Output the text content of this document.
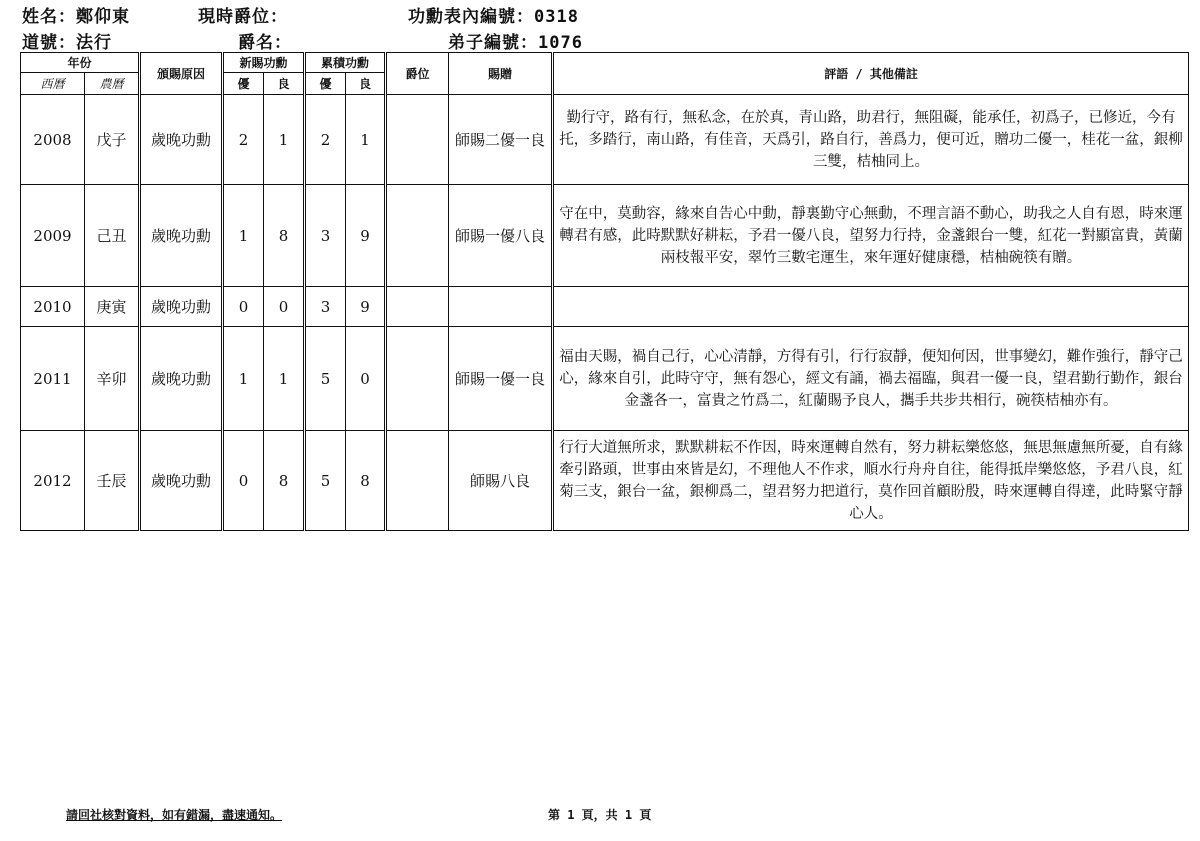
姓名：鄭仰東	現時爵位：	功勳表內編號：0318
道號：法行	爵名：	弟子編號：1076
年份		頒賜原因	新賜功勳		累積功勳		爵位	賜贈	評語 / 其他備註
西曆	農曆		優	良	優	良			
2008	戊子	歲晚功勳	2	1	2	1		師賜二優一良	勤行守，路有行，無私念，在於真，青山路，助君行，無阻礙，能承任，初爲子，已修近，今有托，多踏行，南山路，有佳音，天爲引，路自行，善爲力，便可近，贈功二優一，桂花一盆，銀柳三雙，桔柚同上。
2009	己丑	歲晚功勳	1	8	3	9		師賜一優八良	守在中，莫動容，緣來自告心中動，靜裏勤守心無動，不理言語不動心，助我之人自有恩，時來運轉君有感，此時默默好耕耘，予君一優八良，望努力行持，金盞銀台一雙，紅花一對顯富貴，黃蘭兩枝報平安，翠竹三數宅運生，來年運好健康穩，桔柚碗筷有贈。
2010	庚寅	歲晚功勳	0	0	3	9			
2011	辛卯	歲晚功勳	1	1	5	0		師賜一優一良	福由天賜，禍自己行，心心清靜，方得有引，行行寂靜，便知何因，世事變幻，難作強行，靜守己心，緣來自引，此時守守，無有怨心，經文有誦，禍去福臨，與君一優一良，望君勤行勤作，銀台金盞各一，富貴之竹爲二，紅蘭賜予良人，攜手共步共相行，碗筷桔柚亦有。
2012	壬辰	歲晚功勳	0	8	5	8		師賜八良	行行大道無所求，默默耕耘不作因，時來運轉自然有，努力耕耘樂悠悠，無思無慮無所憂，自有緣牽引路頭，世事由來皆是幻，不理他人不作求，順水行舟舟自往，能得抵岸樂悠悠，予君八良，紅菊三支，銀台一盆，銀柳爲二，望君努力把道行，莫作回首顧盼殷，時來運轉自得達，此時緊守靜心人。
請回社核對資料，如有錯漏，盡速通知。	第 1 頁，共 1 頁
